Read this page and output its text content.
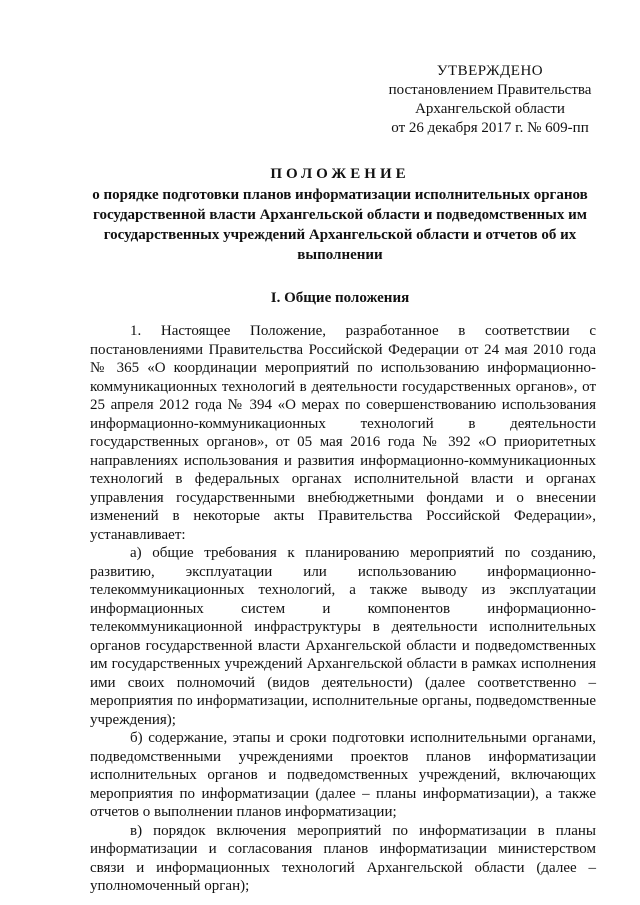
УТВЕРЖДЕНО
постановлением Правительства
Архангельской области
от 26 декабря 2017 г. № 609-пп
ПОЛОЖЕНИЕ
о порядке подготовки планов информатизации исполнительных органов государственной власти Архангельской области и подведомственных им государственных учреждений Архангельской области и отчетов об их выполнении
I. Общие положения

1. Настоящее Положение, разработанное в соответствии с постановлениями Правительства Российской Федерации от 24 мая 2010 года № 365 «О координации мероприятий по использованию информационно-коммуникационных технологий в деятельности государственных органов», от 25 апреля 2012 года № 394 «О мерах по совершенствованию использования информационно-коммуникационных технологий в деятельности государственных органов», от 05 мая 2016 года № 392 «О приоритетных направлениях использования и развития информационно-коммуникационных технологий в федеральных органах исполнительной власти и органах управления государственными внебюджетными фондами и о внесении изменений в некоторые акты Правительства Российской Федерации», устанавливает:

а) общие требования к планированию мероприятий по созданию, развитию, эксплуатации или использованию информационно-телекоммуникационных технологий, а также выводу из эксплуатации информационных систем и компонентов информационно-телекоммуникационной инфраструктуры в деятельности исполнительных органов государственной власти Архангельской области и подведомственных им государственных учреждений Архангельской области в рамках исполнения ими своих полномочий (видов деятельности) (далее соответственно – мероприятия по информатизации, исполнительные органы, подведомственные учреждения);

б) содержание, этапы и сроки подготовки исполнительными органами, подведомственными учреждениями проектов планов информатизации исполнительных органов и подведомственных учреждений, включающих мероприятия по информатизации (далее – планы информатизации), а также отчетов о выполнении планов информатизации;

в) порядок включения мероприятий по информатизации в планы информатизации и согласования планов информатизации министерством связи и информационных технологий Архангельской области (далее – уполномоченный орган);
